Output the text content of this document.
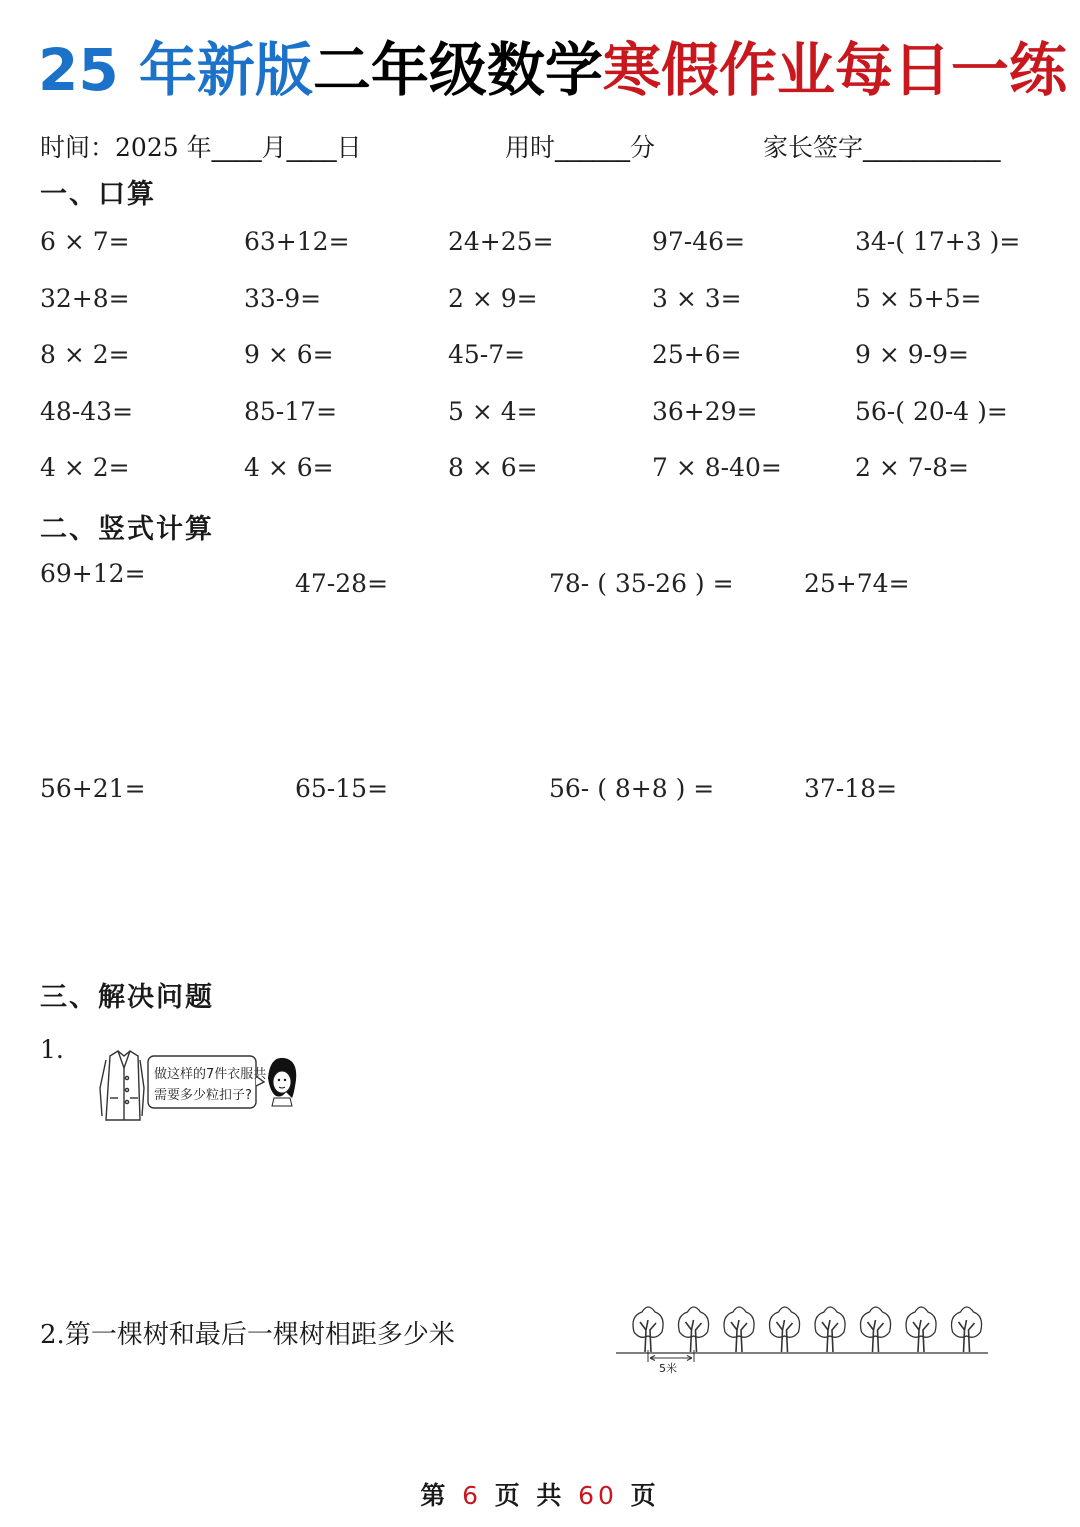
25 年新版二年级数学寒假作业每日一练
时间：2025 年____月____日	用时______分	家长签字___________
一、口算
6 × 7=	63+12=	24+25=	97-46=	34-( 17+3 )=
32+8=	33-9=	2 × 9=	3 × 3=	5 × 5+5=
8 × 2=	9 × 6=	45-7=	25+6=	9 × 9-9=
48-43=	85-17=	5 × 4=	36+29=	56-( 20-4 )=
4 × 2=	4 × 6=	8 × 6=	7 × 8-40=	2 × 7-8=
二、竖式计算
69+12=	47-28=	78- ( 35-26 ) =	25+74=
56+21=	65-15=	56- ( 8+8 ) =	37-18=
三、解决问题
1.
做这样的7件衣服共
需要多少粒扣子?
2.第一棵树和最后一棵树相距多少米
5米
第 6 页 共 60 页
